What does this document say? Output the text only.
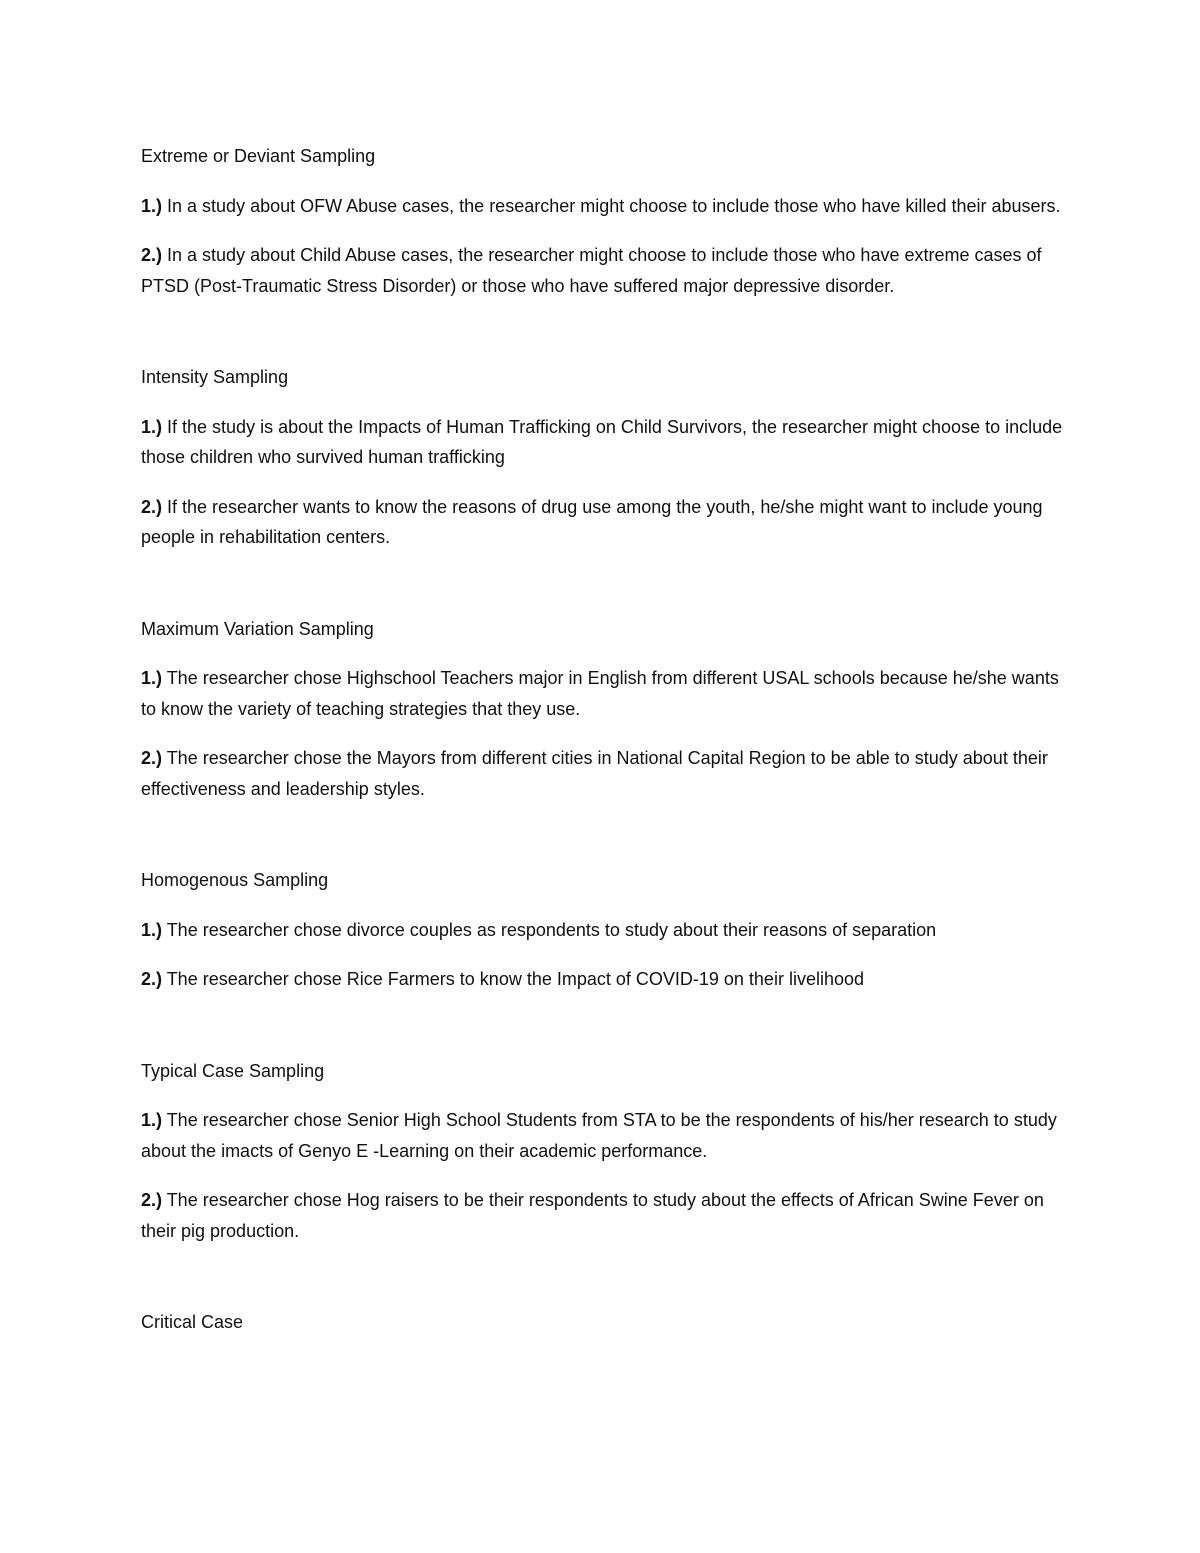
Extreme or Deviant Sampling

1.) In a study about OFW Abuse cases, the researcher might choose to include those who have killed their abusers.

2.) In a study about Child Abuse cases, the researcher might choose to include those who have extreme cases of PTSD (Post-Traumatic Stress Disorder) or those who have suffered major depressive disorder.

Intensity Sampling

1.) If the study is about the Impacts of Human Trafficking on Child Survivors, the researcher might choose to include those children who survived human trafficking

2.) If the researcher wants to know the reasons of drug use among the youth, he/she might want to include young people in rehabilitation centers.

Maximum Variation Sampling

1.) The researcher chose Highschool Teachers major in English from different USAL schools because he/she wants to know the variety of teaching strategies that they use.

2.) The researcher chose the Mayors from different cities in National Capital Region to be able to study about their effectiveness and leadership styles.

Homogenous Sampling

1.) The researcher chose divorce couples as respondents to study about their reasons of separation

2.) The researcher chose Rice Farmers to know the Impact of COVID-19 on their livelihood

Typical Case Sampling

1.) The researcher chose Senior High School Students from STA to be the respondents of his/her research to study about the imacts of Genyo E -Learning on their academic performance.

2.) The researcher chose Hog raisers to be their respondents to study about the effects of African Swine Fever on their pig production.

Critical Case
